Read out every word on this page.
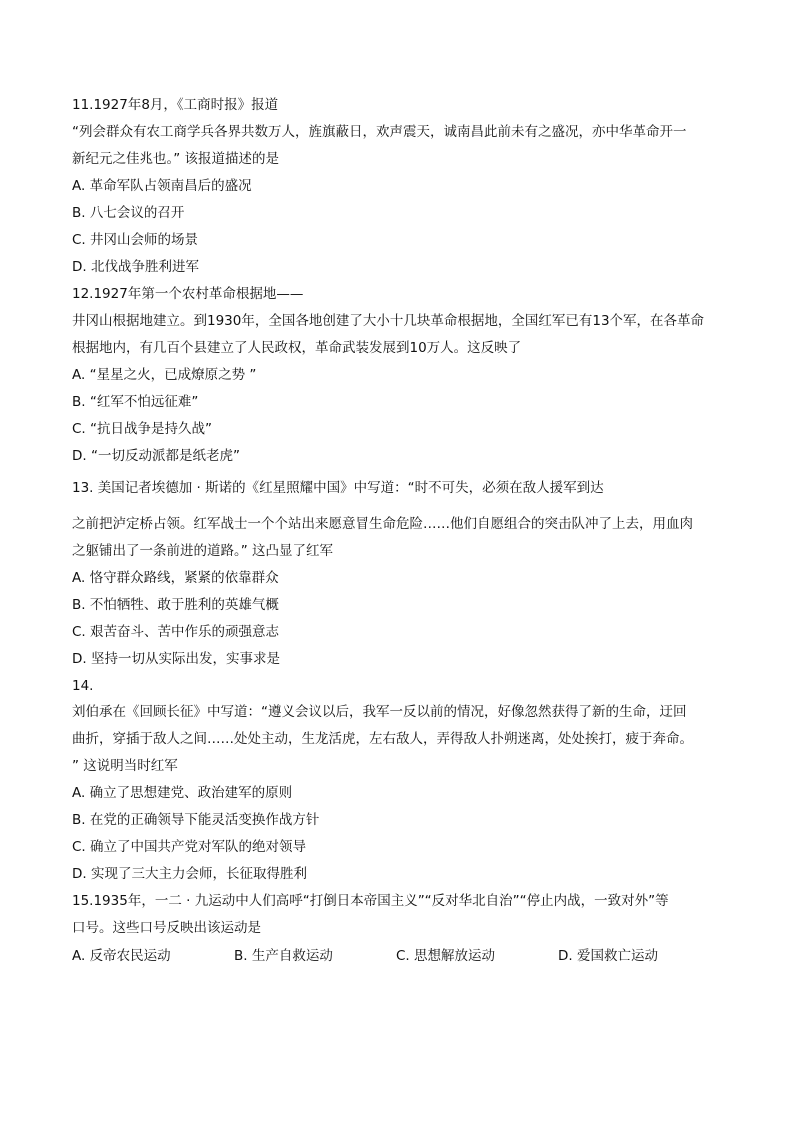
11.1927年8月，《工商时报》报道
“列会群众有农工商学兵各界共数万人，旌旗蔽日，欢声震天，诚南昌此前未有之盛况，亦中华革命开一
新纪元之佳兆也。” 该报道描述的是
A. 革命军队占领南昌后的盛况
B. 八七会议的召开
C. 井冈山会师的场景
D. 北伐战争胜利进军
12.1927年第一个农村革命根据地——
井冈山根据地建立。到1930年，全国各地创建了大小十几块革命根据地，全国红军已有13个军，在各革命
根据地内，有几百个县建立了人民政权，革命武装发展到10万人。这反映了
A. “星星之火，已成燎原之势 ”
B. “红军不怕远征难”
C. “抗日战争是持久战”
D. “一切反动派都是纸老虎”
13. 美国记者埃德加 · 斯诺的《红星照耀中国》中写道：“时不可失，必须在敌人援军到达
之前把泸定桥占领。红军战士一个个站出来愿意冒生命危险……他们自愿组合的突击队冲了上去，用血肉
之躯铺出了一条前进的道路。” 这凸显了红军
A. 恪守群众路线，紧紧的依靠群众
B. 不怕牺牲、敢于胜利的英雄气概
C. 艰苦奋斗、苦中作乐的顽强意志
D. 坚持一切从实际出发，实事求是
14.
刘伯承在《回顾长征》中写道：“遵义会议以后，我军一反以前的情况，好像忽然获得了新的生命，迂回
曲折，穿插于敌人之间……处处主动，生龙活虎，左右敌人，弄得敌人扑朔迷离，处处挨打，疲于奔命。
” 这说明当时红军
A. 确立了思想建党、政治建军的原则
B. 在党的正确领导下能灵活变换作战方针
C. 确立了中国共产党对军队的绝对领导
D. 实现了三大主力会师，长征取得胜利
15.1935年，一二 · 九运动中人们高呼“打倒日本帝国主义”“反对华北自治”“停止内战，一致对外”等
口号。这些口号反映出该运动是
A. 反帝农民运动	B. 生产自救运动	C. 思想解放运动	D. 爱国救亡运动
